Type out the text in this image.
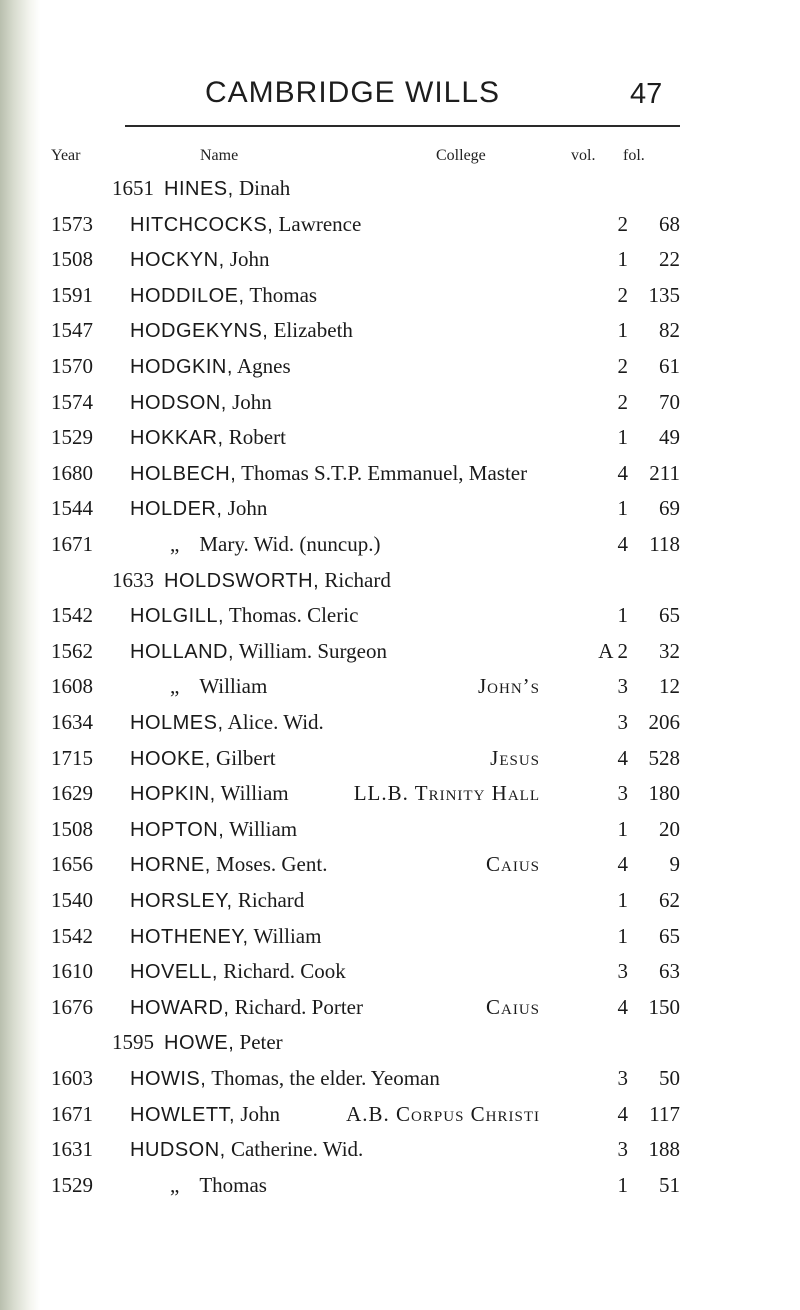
CAMBRIDGE WILLS	47
Year	Name	College	vol. fol.
1651 HINES, Dinah
1573 HITCHCOCKS, Lawrence	2	68
1508 HOCKYN, John	1	22
1591 HODDILOE, Thomas	2 135
1547 HODGEKYNS, Elizabeth	1	82
1570 HODGKIN, Agnes	2	61
1574 HODSON, John	2	70
1529 HOKKAR, Robert	1	49
1680 HOLBECH, Thomas S.T.P. Emmanuel, Master	4	211
1544 HOLDER, John	1	69
1671	„ Mary. Wid. (nuncup.)	4	118
1633 HOLDSWORTH, Richard
1542 HOLGILL, Thomas. Cleric	1	65
1562 HOLLAND, William. Surgeon	A 2	32
1608	„ William	John’s	3	12
1634 HOLMES, Alice. Wid.	3 206
1715 HOOKE, Gilbert	Jesus	4 528
1629 HOPKIN, William	LL.B. Trinity Hall	3 180
1508 HOPTON, William	1	20
1656 HORNE, Moses. Gent.	Caius	4	9
1540 HORSLEY, Richard	1	62
1542 HOTHENEY, William	1	65
1610 HOVELL, Richard. Cook	3	63
1676 HOWARD, Richard. Porter	Caius	4 150
1595 HOWE, Peter
1603 HOWIS, Thomas, the elder. Yeoman	3	50
1671 HOWLETT, John	A.B. Corpus Christi	4	117
1631 HUDSON, Catherine. Wid.	3 188
1529	„ Thomas	1	51
